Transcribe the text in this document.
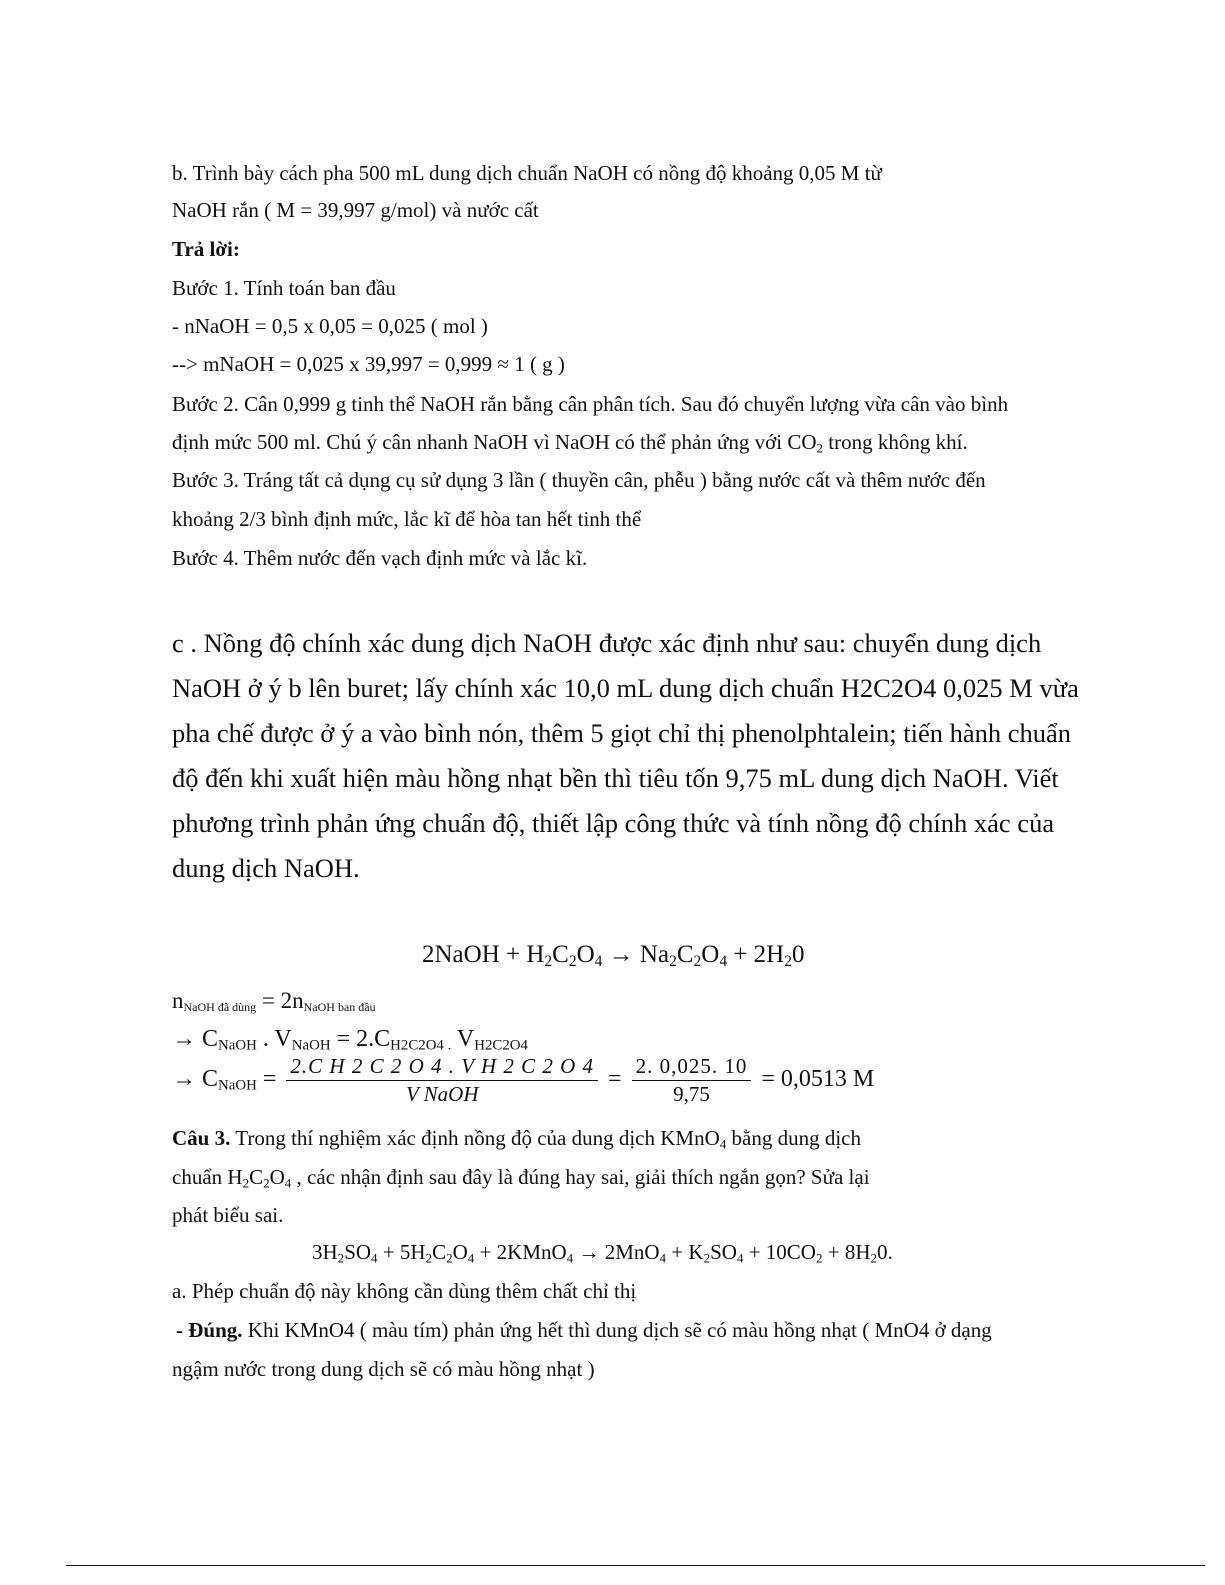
b. Trình bày cách pha 500 mL dung dịch chuẩn NaOH có nồng độ khoảng 0,05 M từ
NaOH rắn ( M = 39,997 g/mol) và nước cất
Trả lời:
Bước 1. Tính toán ban đầu
- nNaOH = 0,5 x 0,05 = 0,025 ( mol )
--> mNaOH = 0,025 x 39,997 = 0,999 ≈ 1 ( g )
Bước 2. Cân 0,999 g tinh thể NaOH rắn bằng cân phân tích. Sau đó chuyển lượng vừa cân vào bình
định mức 500 ml. Chú ý cân nhanh NaOH vì NaOH có thể phản ứng với $CO_2$ trong không khí.
Bước 3. Tráng tất cả dụng cụ sử dụng 3 lần ( thuyền cân, phễu ) bằng nước cất và thêm nước đến
khoảng 2/3 bình định mức, lắc kĩ để hòa tan hết tinh thể
Bước 4. Thêm nước đến vạch định mức và lắc kĩ.
c . Nồng độ chính xác dung dịch NaOH được xác định như sau: chuyển dung dịch
NaOH ở ý b lên buret; lấy chính xác 10,0 mL dung dịch chuẩn H2C2O4 0,025 M vừa
pha chế được ở ý a vào bình nón, thêm 5 giọt chỉ thị phenolphtalein; tiến hành chuẩn
độ đến khi xuất hiện màu hồng nhạt bền thì tiêu tốn 9,75 mL dung dịch NaOH. Viết
phương trình phản ứng chuẩn độ, thiết lập công thức và tính nồng độ chính xác của
dung dịch NaOH.
2NaOH + $H_2C_2O_4 \to Na_2C_2O_4 + 2H_20$
$n_{NaOH đã dùng} = 2n_{NaOH ban đầu}$
→ $C_{NaOH}$ . $V_{NaOH} = 2.C_{H2C2O4 .}$ $V_{H2C2O4}$
→ $C_{NaOH} = \frac{\text{2.C H 2 C 2 O 4 . V H 2 C 2 O 4}}{\text{V NaOH}} = \frac{2. 0,025. 10}{9,75} = 0,0513$ M
Câu 3. Trong thí nghiệm xác định nồng độ của dung dịch KMnO$_4$ bằng dung dịch
chuẩn $H_2C_2O_4$ , các nhận định sau đây là đúng hay sai, giải thích ngắn gọn? Sửa lại
phát biểu sai.
$3H_2SO_4 + 5H_2C_2O_4$ + 2KMnO$_4$ → $2MnO_4 + K_2SO_4 + 10CO_2 + 8H_20$.
a. Phép chuẩn độ này không cần dùng thêm chất chỉ thị
- Đúng. Khi KMnO4 ( màu tím) phản ứng hết thì dung dịch sẽ có màu hồng nhạt ( MnO4 ở dạng
ngậm nước trong dung dịch sẽ có màu hồng nhạt )
